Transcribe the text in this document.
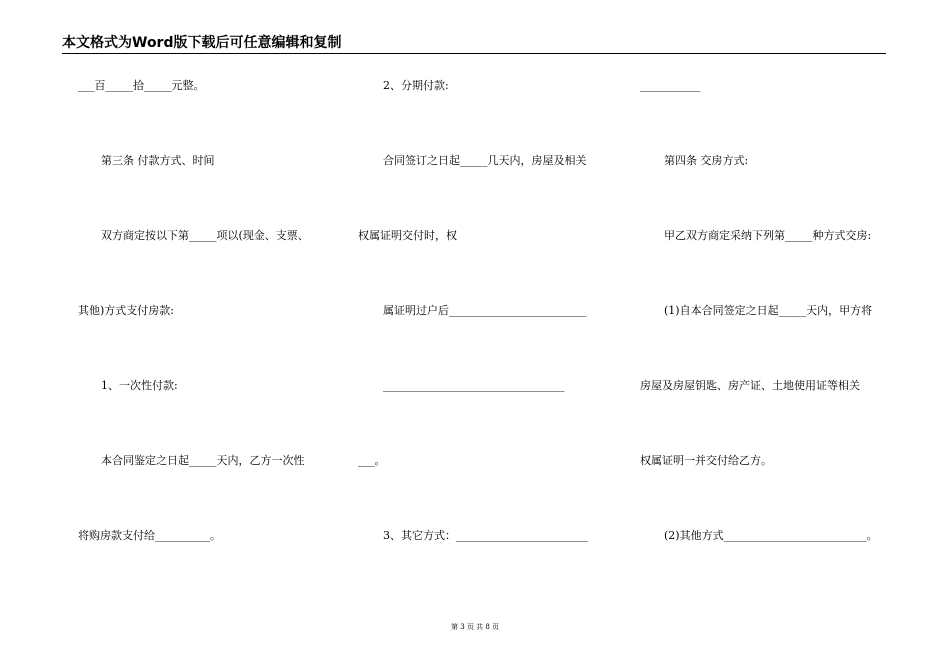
本文格式为Word版下载后可任意编辑和复制
___百_____拾_____元整。
第三条 付款方式、时间
双方商定按以下第_____项以(现金、支票、
其他)方式支付房款:
1、一次性付款:
本合同鉴定之日起_____天内，乙方一次性
将购房款支付给__________。
2、分期付款:
合同签订之日起_____几天内，房屋及相关
权属证明交付时，权
属证明过户后_________________________
_________________________________
___。
3、其它方式：________________________
___________
第四条 交房方式:
甲乙双方商定采纳下列第_____种方式交房:
(1)自本合同签定之日起_____天内，甲方将
房屋及房屋钥匙、房产证、土地使用证等相关
权属证明一并交付给乙方。
(2)其他方式__________________________。
第 3 页 共 8 页
